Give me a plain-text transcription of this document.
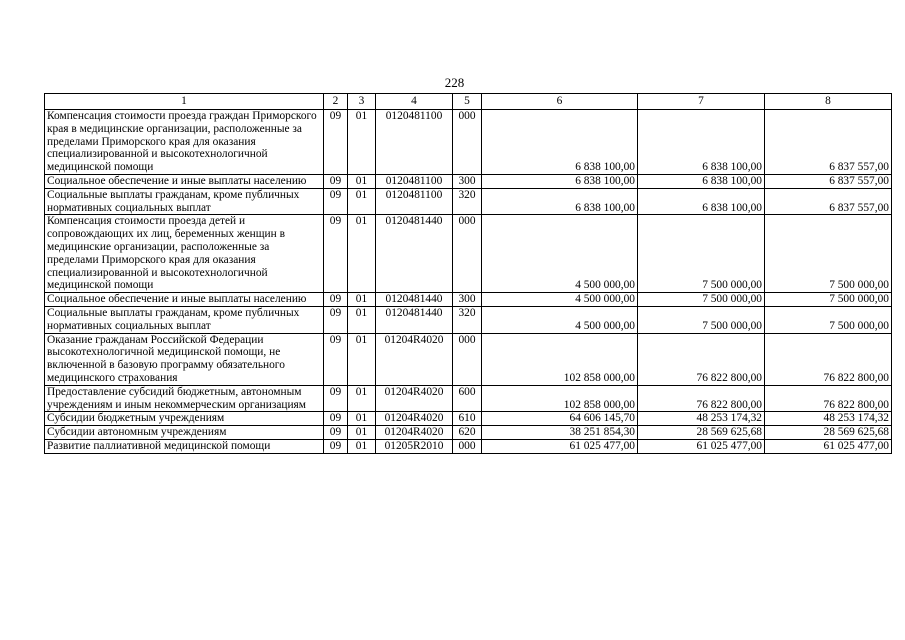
228
1	2	3	4	5	6	7	8
Компенсация стоимости проезда граждан Приморского края в медицинские организации, расположенные за пределами Приморского края для оказания специализированной и высокотехнологичной медицинской помощи	09	01	0120481100	000	6 838 100,00	6 838 100,00	6 837 557,00
Социальное обеспечение и иные выплаты населению	09	01	0120481100	300	6 838 100,00	6 838 100,00	6 837 557,00
Социальные выплаты гражданам, кроме публичных нормативных социальных выплат	09	01	0120481100	320	6 838 100,00	6 838 100,00	6 837 557,00
Компенсация стоимости проезда детей и сопровождающих их лиц, беременных женщин в медицинские организации, расположенные за пределами Приморского края для оказания специализированной и высокотехнологичной медицинской помощи	09	01	0120481440	000	4 500 000,00	7 500 000,00	7 500 000,00
Социальное обеспечение и иные выплаты населению	09	01	0120481440	300	4 500 000,00	7 500 000,00	7 500 000,00
Социальные выплаты гражданам, кроме публичных нормативных социальных выплат	09	01	0120481440	320	4 500 000,00	7 500 000,00	7 500 000,00
Оказание гражданам Российской Федерации высокотехнологичной медицинской помощи, не включенной в базовую программу обязательного медицинского страхования	09	01	01204R4020	000	102 858 000,00	76 822 800,00	76 822 800,00
Предоставление субсидий бюджетным, автономным учреждениям и иным некоммерческим организациям	09	01	01204R4020	600	102 858 000,00	76 822 800,00	76 822 800,00
Субсидии бюджетным учреждениям	09	01	01204R4020	610	64 606 145,70	48 253 174,32	48 253 174,32
Субсидии автономным учреждениям	09	01	01204R4020	620	38 251 854,30	28 569 625,68	28 569 625,68
Развитие паллиативной медицинской помощи	09	01	01205R2010	000	61 025 477,00	61 025 477,00	61 025 477,00
